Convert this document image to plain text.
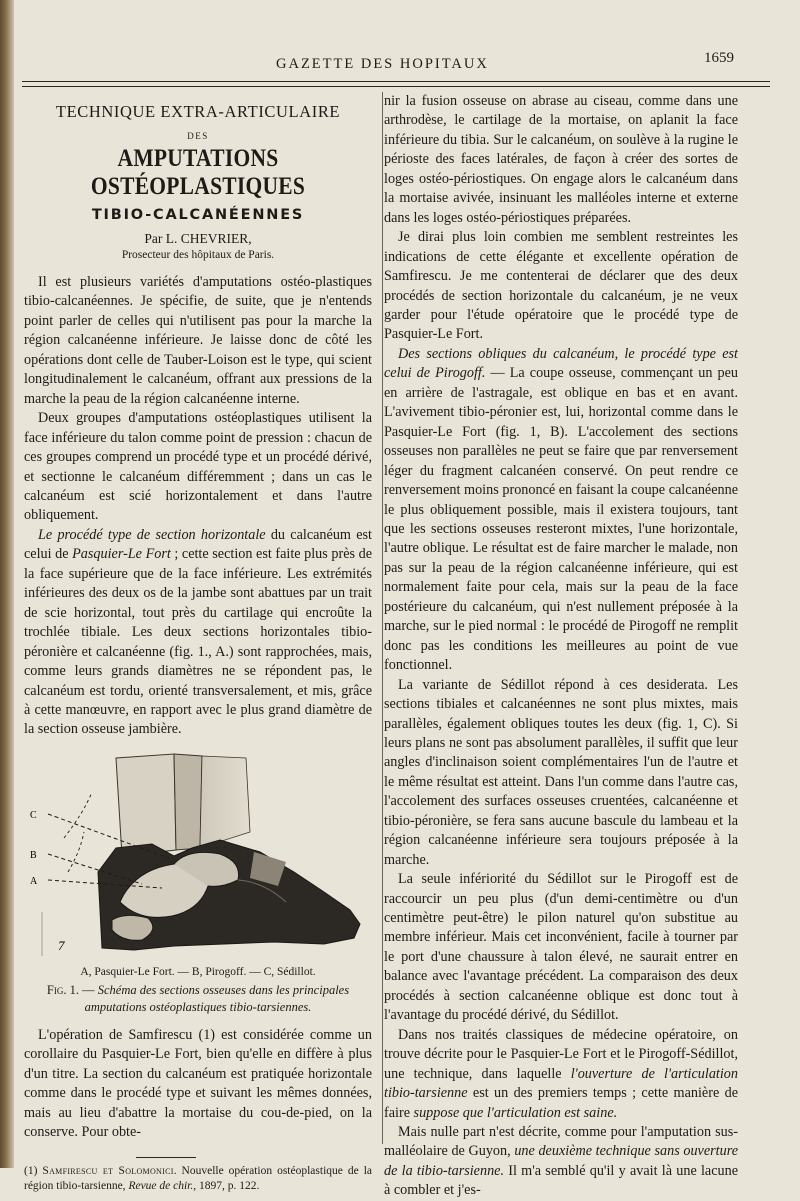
GAZETTE DES HOPITAUX	1659
TECHNIQUE EXTRA-ARTICULAIRE
DES
AMPUTATIONS OSTÉOPLASTIQUES
TIBIO-CALCANÉENNES
Par L. CHEVRIER,
Prosecteur des hôpitaux de Paris.

Il est plusieurs variétés d'amputations ostéo-plastiques tibio-calcanéennes. Je spécifie, de suite, que je n'entends point parler de celles qui n'utilisent pas pour la marche la région calcanéenne inférieure. Je laisse donc de côté les opérations dont celle de Tauber-Loison est le type, qui scient longitudinalement le calcanéum, offrant aux pressions de la marche la peau de la région calcanéenne interne.

Deux groupes d'amputations ostéoplastiques utilisent la face inférieure du talon comme point de pression : chacun de ces groupes comprend un procédé type et un procédé dérivé, et sectionne le calcanéum différemment ; dans un cas le calcanéum est scié horizontalement et dans l'autre obliquement.

Le procédé type de section horizontale du calcanéum est celui de Pasquier-Le Fort ; cette section est faite plus près de la face supérieure que de la face inférieure. Les extrémités inférieures des deux os de la jambe sont abattues par un trait de scie horizontal, tout près du cartilage qui encroûte la trochlée tibiale. Les deux sections horizontales tibio-péronière et calcanéenne (fig. 1., A.) sont rapprochées, mais, comme leurs grands diamètres ne se répondent pas, le calcanéum est tordu, orienté transversalement, et mis, grâce à cette manœuvre, en rapport avec le plus grand diamètre de la section osseuse jambière.

C
B
A
7
A, Pasquier-Le Fort. — B, Pirogoff. — C, Sédillot.
Fig. 1. — Schéma des sections osseuses dans les principales amputations ostéoplastiques tibio-tarsiennes.

L'opération de Samfirescu (1) est considérée comme un corollaire du Pasquier-Le Fort, bien qu'elle en diffère à plus d'un titre. La section du calcanéum est pratiquée horizontale comme dans le procédé type et suivant les mêmes données, mais au lieu d'abattre la mortaise du cou-de-pied, on la conserve. Pour obte-

(1) Samfirescu et Solomonici. Nouvelle opération ostéoplastique de la région tibio-tarsienne, Revue de chir., 1897, p. 122.

nir la fusion osseuse on abrase au ciseau, comme dans une arthrodèse, le cartilage de la mortaise, on aplanit la face inférieure du tibia. Sur le calcanéum, on soulève à la rugine le périoste des faces latérales, de façon à créer des sortes de loges ostéo-périostiques. On engage alors le calcanéum dans la mortaise avivée, insinuant les malléoles interne et externe dans les loges ostéo-périostiques préparées.

Je dirai plus loin combien me semblent restreintes les indications de cette élégante et excellente opération de Samfirescu. Je me contenterai de déclarer que des deux procédés de section horizontale du calcanéum, je ne veux garder pour l'étude opératoire que le procédé type de Pasquier-Le Fort.

Des sections obliques du calcanéum, le procédé type est celui de Pirogoff. — La coupe osseuse, commençant un peu en arrière de l'astragale, est oblique en bas et en avant. L'avivement tibio-péronier est, lui, horizontal comme dans le Pasquier-Le Fort (fig. 1, B). L'accolement des sections osseuses non parallèles ne peut se faire que par renversement léger du fragment calcanéen conservé. On peut rendre ce renversement moins prononcé en faisant la coupe calcanéenne le plus obliquement possible, mais il existera toujours, tant que les sections osseuses resteront mixtes, l'une horizontale, l'autre oblique. Le résultat est de faire marcher le malade, non pas sur la peau de la région calcanéenne inférieure, qui est normalement faite pour cela, mais sur la peau de la face postérieure du calcanéum, qui n'est nullement préposée à la marche, sur le pied normal : le procédé de Pirogoff ne remplit donc pas les conditions les meilleures au point de vue fonctionnel.

La variante de Sédillot répond à ces desiderata. Les sections tibiales et calcanéennes ne sont plus mixtes, mais parallèles, également obliques toutes les deux (fig. 1, C). Si leurs plans ne sont pas absolument parallèles, il suffit que leur angles d'inclinaison soient complémentaires l'un de l'autre et le même résultat est atteint. Dans l'un comme dans l'autre cas, l'accolement des surfaces osseuses cruentées, calcanéenne et tibio-péronière, se fera sans aucune bascule du lambeau et la région calcanéenne inférieure sera toujours préposée à la marche.

La seule infériorité du Sédillot sur le Pirogoff est de raccourcir un peu plus (d'un demi-centimètre ou d'un centimètre peut-être) le pilon naturel qu'on substitue au membre inférieur. Mais cet inconvénient, facile à tourner par le port d'une chaussure à talon élevé, ne saurait entrer en balance avec l'avantage précédent. La comparaison des deux procédés à section calcanéenne oblique est donc tout à l'avantage du procédé dérivé, du Sédillot.

Dans nos traités classiques de médecine opératoire, on trouve décrite pour le Pasquier-Le Fort et le Pirogoff-Sédillot, une technique, dans laquelle l'ouverture de l'articulation tibio-tarsienne est un des premiers temps ; cette manière de faire suppose que l'articulation est saine.

Mais nulle part n'est décrite, comme pour l'amputation sus-malléolaire de Guyon, une deuxième technique sans ouverture de la tibio-tarsienne. Il m'a semblé qu'il y avait là une lacune à combler et j'es-
